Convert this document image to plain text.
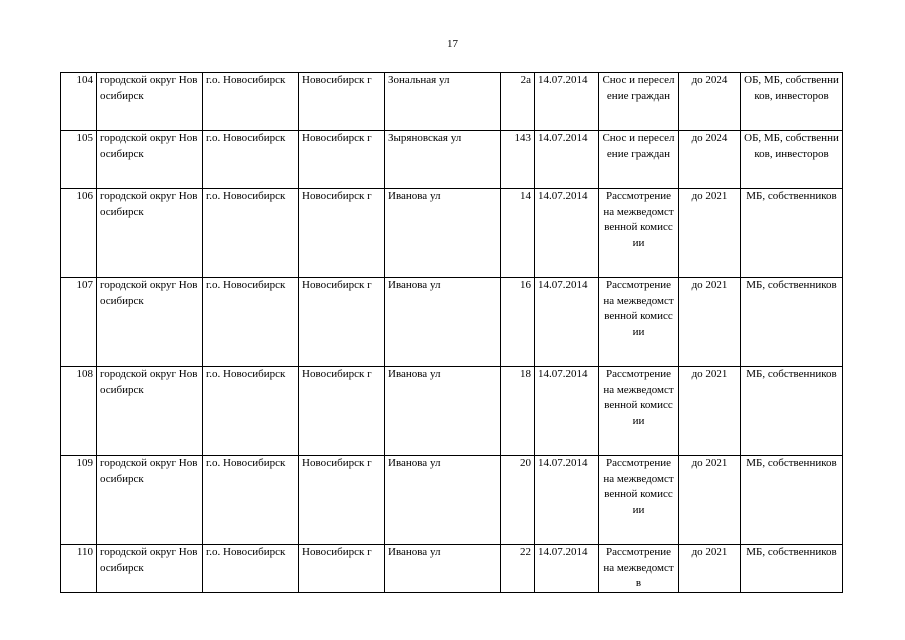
17
104	городской округ Новосибирск	г.о. Новосибирск	Новосибирск г	Зональная ул	2а	14.07.2014	Снос и переселение граждан	до 2024	ОБ, МБ, собственников, инвесторов
105	городской округ Новосибирск	г.о. Новосибирск	Новосибирск г	Зыряновская ул	143	14.07.2014	Снос и переселение граждан	до 2024	ОБ, МБ, собственников, инвесторов
106	городской округ Новосибирск	г.о. Новосибирск	Новосибирск г	Иванова ул	14	14.07.2014	Рассмотрение на межведомственной комиссии	до 2021	МБ, собственников
107	городской округ Новосибирск	г.о. Новосибирск	Новосибирск г	Иванова ул	16	14.07.2014	Рассмотрение на межведомственной комиссии	до 2021	МБ, собственников
108	городской округ Новосибирск	г.о. Новосибирск	Новосибирск г	Иванова ул	18	14.07.2014	Рассмотрение на межведомственной комиссии	до 2021	МБ, собственников
109	городской округ Новосибирск	г.о. Новосибирск	Новосибирск г	Иванова ул	20	14.07.2014	Рассмотрение на межведомственной комиссии	до 2021	МБ, собственников
110	городской округ Новосибирск	г.о. Новосибирск	Новосибирск г	Иванова ул	22	14.07.2014	Рассмотрение на межведомств	до 2021	МБ, собственников
